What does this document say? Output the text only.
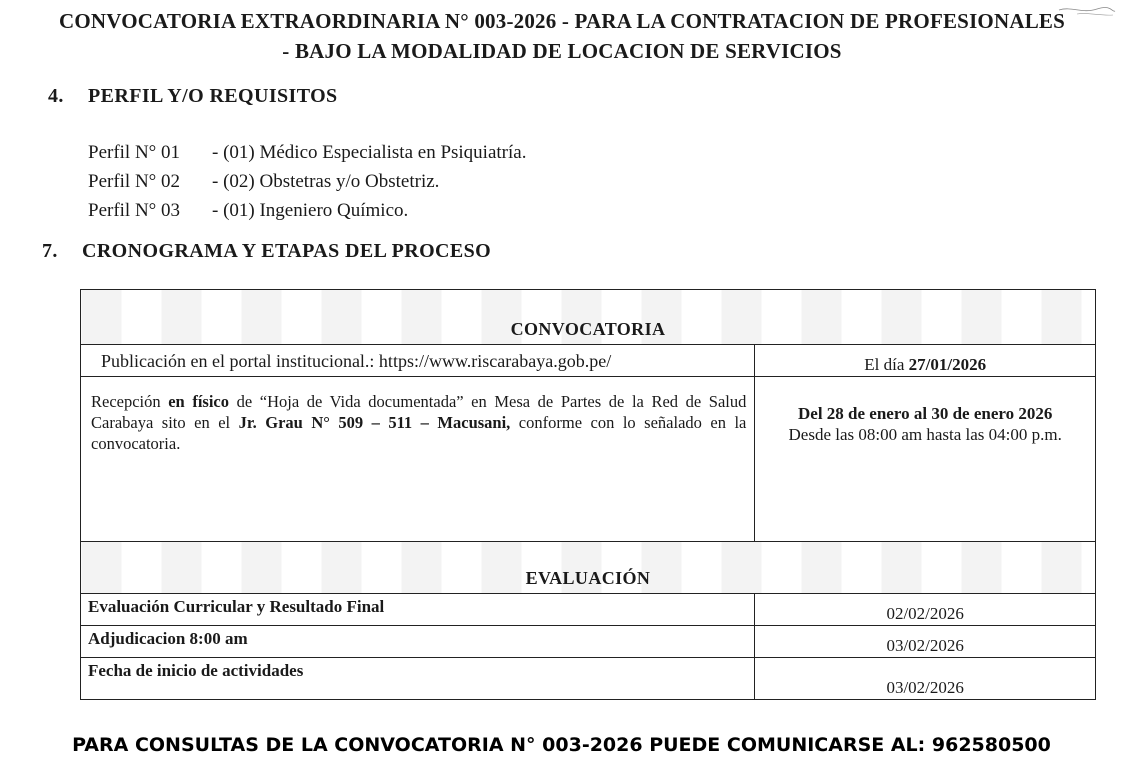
CONVOCATORIA EXTRAORDINARIA N° 003-2026 - PARA LA CONTRATACION DE PROFESIONALES
- BAJO LA MODALIDAD DE LOCACION DE SERVICIOS
4. PERFIL Y/O REQUISITOS
Perfil N° 01 - (01) Médico Especialista en Psiquiatría.
Perfil N° 02 - (02) Obstetras y/o Obstetriz.
Perfil N° 03 - (01) Ingeniero Químico.
7. CRONOGRAMA Y ETAPAS DEL PROCESO
CONVOCATORIA	
Publicación en el portal institucional.: https://www.riscarabaya.gob.pe/	El día 27/01/2026
Recepción en físico de “Hoja de Vida documentada” en Mesa de Partes de la Red de Salud Carabaya sito en el Jr. Grau N° 509 – 511 – Macusani, conforme con lo señalado en la convocatoria.	Del 28 de enero al 30 de enero 2026
Desde las 08:00 am hasta las 04:00 p.m.
EVALUACIÓN	
Evaluación Curricular y Resultado Final	02/02/2026
Adjudicacion 8:00 am	03/02/2026
Fecha de inicio de actividades	03/02/2026
PARA CONSULTAS DE LA CONVOCATORIA N° 003-2026 PUEDE COMUNICARSE AL: 962580500
